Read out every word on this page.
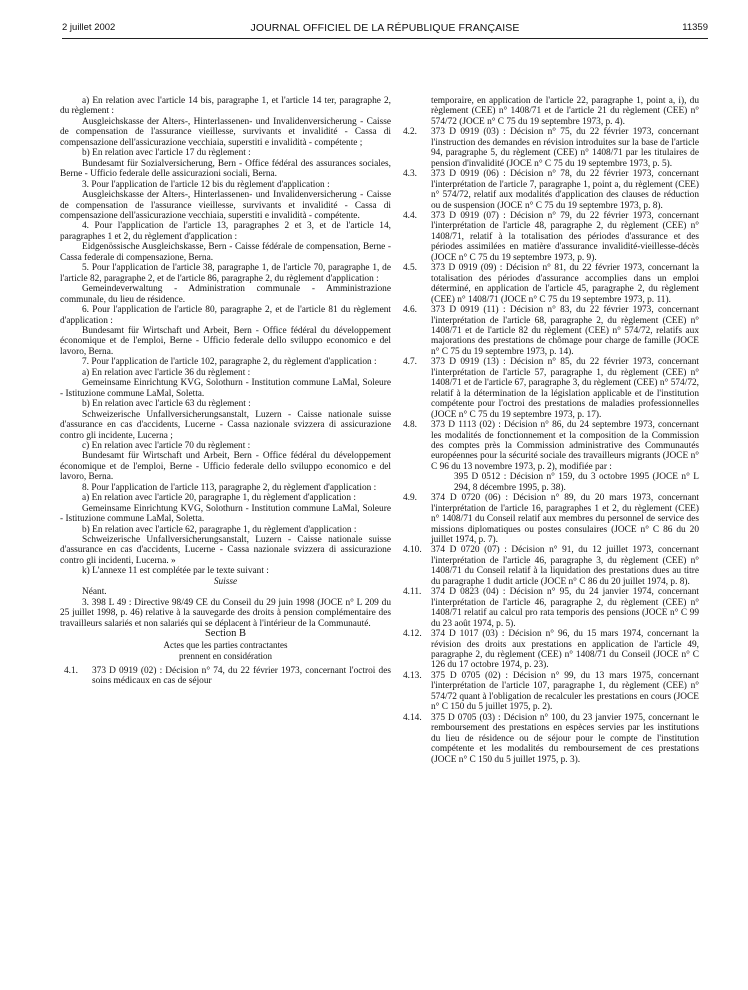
2 juillet 2002	JOURNAL OFFICIEL DE LA RÉPUBLIQUE FRANÇAISE	11359

a) En relation avec l'article 14 bis, paragraphe 1, et l'article 14 ter, paragraphe 2, du règlement :

Ausgleichskasse der Alters-, Hinterlassenen- und Invalidenversicherung - Caisse de compensation de l'assurance vieillesse, survivants et invalidité - Cassa di compensazione dell'assicurazione vecchiaia, superstiti e invalidità - compétente ;

b) En relation avec l'article 17 du règlement :

Bundesamt für Sozialversicherung, Bern - Office fédéral des assurances sociales, Berne - Ufficio federale delle assicurazioni sociali, Berna.

3. Pour l'application de l'article 12 bis du règlement d'application :

Ausgleichskasse der Alters-, Hinterlassenen- und Invalidenversicherung - Caisse de compensation de l'assurance vieillesse, survivants et invalidité - Cassa di compensazione dell'assicurazione vecchiaia, superstiti e invalidità - compétente.

4. Pour l'application de l'article 13, paragraphes 2 et 3, et de l'article 14, paragraphes 1 et 2, du règlement d'application :

Eidgenössische Ausgleichskasse, Bern - Caisse fédérale de compensation, Berne - Cassa federale di compensazione, Berna.

5. Pour l'application de l'article 38, paragraphe 1, de l'article 70, paragraphe 1, de l'article 82, paragraphe 2, et de l'article 86, paragraphe 2, du règlement d'application :

Gemeindeverwaltung - Administration communale - Amministrazione communale, du lieu de résidence.

6. Pour l'application de l'article 80, paragraphe 2, et de l'article 81 du règlement d'application :

Bundesamt für Wirtschaft und Arbeit, Bern - Office fédéral du développement économique et de l'emploi, Berne - Ufficio federale dello sviluppo economico e del lavoro, Berna.

7. Pour l'application de l'article 102, paragraphe 2, du règlement d'application :

a) En relation avec l'article 36 du règlement :

Gemeinsame Einrichtung KVG, Solothurn - Institution commune LaMal, Soleure - Istituzione commune LaMal, Soletta.

b) En relation avec l'article 63 du règlement :

Schweizerische Unfallversicherungsanstalt, Luzern - Caisse nationale suisse d'assurance en cas d'accidents, Lucerne - Cassa nazionale svizzera di assicurazione contro gli incidente, Lucerna ;

c) En relation avec l'article 70 du règlement :

Bundesamt für Wirtschaft und Arbeit, Bern - Office fédéral du développement économique et de l'emploi, Berne - Ufficio federale dello sviluppo economico e del lavoro, Berna.

8. Pour l'application de l'article 113, paragraphe 2, du règlement d'application :

a) En relation avec l'article 20, paragraphe 1, du règlement d'application :

Gemeinsame Einrichtung KVG, Solothurn - Institution commune LaMal, Soleure - Istituzione commune LaMal, Soletta.

b) En relation avec l'article 62, paragraphe 1, du règlement d'application :

Schweizerische Unfallversicherungsanstalt, Luzern - Caisse nationale suisse d'assurance en cas d'accidents, Lucerne - Cassa nazionale svizzera di assicurazione contro gli incidenti, Lucerna. »

k) L'annexe 11 est complétée par le texte suivant :

Suisse

Néant.

3. 398 L 49 : Directive 98/49 CE du Conseil du 29 juin 1998 (JOCE n° L 209 du 25 juillet 1998, p. 46) relative à la sauvegarde des droits à pension complémentaire des travailleurs salariés et non salariés qui se déplacent à l'intérieur de la Communauté.

Section B

Actes que les parties contractantes

prennent en considération

4.1. 373 D 0919 (02) : Décision n° 74, du 22 février 1973, concernant l'octroi des soins médicaux en cas de séjour

temporaire, en application de l'article 22, paragraphe 1, point a, i), du règlement (CEE) n° 1408/71 et de l'article 21 du règlement (CEE) n° 574/72 (JOCE n° C 75 du 19 septembre 1973, p. 4).

4.2. 373 D 0919 (03) : Décision n° 75, du 22 février 1973, concernant l'instruction des demandes en révision introduites sur la base de l'article 94, paragraphe 5, du règlement (CEE) n° 1408/71 par les titulaires de pension d'invalidité (JOCE n° C 75 du 19 septembre 1973, p. 5).

4.3. 373 D 0919 (06) : Décision n° 78, du 22 février 1973, concernant l'interprétation de l'article 7, paragraphe 1, point a, du règlement (CEE) n° 574/72, relatif aux modalités d'application des clauses de réduction ou de suspension (JOCE n° C 75 du 19 septembre 1973, p. 8).

4.4. 373 D 0919 (07) : Décision n° 79, du 22 février 1973, concernant l'interprétation de l'article 48, paragraphe 2, du règlement (CEE) n° 1408/71, relatif à la totalisation des périodes d'assurance et des périodes assimilées en matière d'assurance invalidité-vieillesse-décès (JOCE n° C 75 du 19 septembre 1973, p. 9).

4.5. 373 D 0919 (09) : Décision n° 81, du 22 février 1973, concernant la totalisation des périodes d'assurance accomplies dans un emploi déterminé, en application de l'article 45, paragraphe 2, du règlement (CEE) n° 1408/71 (JOCE n° C 75 du 19 septembre 1973, p. 11).

4.6. 373 D 0919 (11) : Décision n° 83, du 22 février 1973, concernant l'interprétation de l'article 68, paragraphe 2, du règlement (CEE) n° 1408/71 et de l'article 82 du règlement (CEE) n° 574/72, relatifs aux majorations des prestations de chômage pour charge de famille (JOCE n° C 75 du 19 septembre 1973, p. 14).

4.7. 373 D 0919 (13) : Décision n° 85, du 22 février 1973, concernant l'interprétation de l'article 57, paragraphe 1, du règlement (CEE) n° 1408/71 et de l'article 67, paragraphe 3, du règlement (CEE) n° 574/72, relatif à la détermination de la législation applicable et de l'institution compétente pour l'octroi des prestations de maladies professionnelles (JOCE n° C 75 du 19 septembre 1973, p. 17).

4.8. 373 D 1113 (02) : Décision n° 86, du 24 septembre 1973, concernant les modalités de fonctionnement et la composition de la Commission des comptes près la Commission administrative des Communautés européennes pour la sécurité sociale des travailleurs migrants (JOCE n° C 96 du 13 novembre 1973, p. 2), modifiée par :

395 D 0512 : Décision n° 159, du 3 octobre 1995 (JOCE n° L 294, 8 décembre 1995, p. 38).

4.9. 374 D 0720 (06) : Décision n° 89, du 20 mars 1973, concernant l'interprétation de l'article 16, paragraphes 1 et 2, du règlement (CEE) n° 1408/71 du Conseil relatif aux membres du personnel de service des missions diplomatiques ou postes consulaires (JOCE n° C 86 du 20 juillet 1974, p. 7).

4.10. 374 D 0720 (07) : Décision n° 91, du 12 juillet 1973, concernant l'interprétation de l'article 46, paragraphe 3, du règlement (CEE) n° 1408/71 du Conseil relatif à la liquidation des prestations dues au titre du paragraphe 1 dudit article (JOCE n° C 86 du 20 juillet 1974, p. 8).

4.11. 374 D 0823 (04) : Décision n° 95, du 24 janvier 1974, concernant l'interprétation de l'article 46, paragraphe 2, du règlement (CEE) n° 1408/71 relatif au calcul pro rata temporis des pensions (JOCE n° C 99 du 23 août 1974, p. 5).

4.12. 374 D 1017 (03) : Décision n° 96, du 15 mars 1974, concernant la révision des droits aux prestations en application de l'article 49, paragraphe 2, du règlement (CEE) n° 1408/71 du Conseil (JOCE n° C 126 du 17 octobre 1974, p. 23).

4.13. 375 D 0705 (02) : Décision n° 99, du 13 mars 1975, concernant l'interprétation de l'article 107, paragraphe 1, du règlement (CEE) n° 574/72 quant à l'obligation de recalculer les prestations en cours (JOCE n° C 150 du 5 juillet 1975, p. 2).

4.14. 375 D 0705 (03) : Décision n° 100, du 23 janvier 1975, concernant le remboursement des prestations en espèces servies par les institutions du lieu de résidence ou de séjour pour le compte de l'institution compétente et les modalités du remboursement de ces prestations (JOCE n° C 150 du 5 juillet 1975, p. 3).
